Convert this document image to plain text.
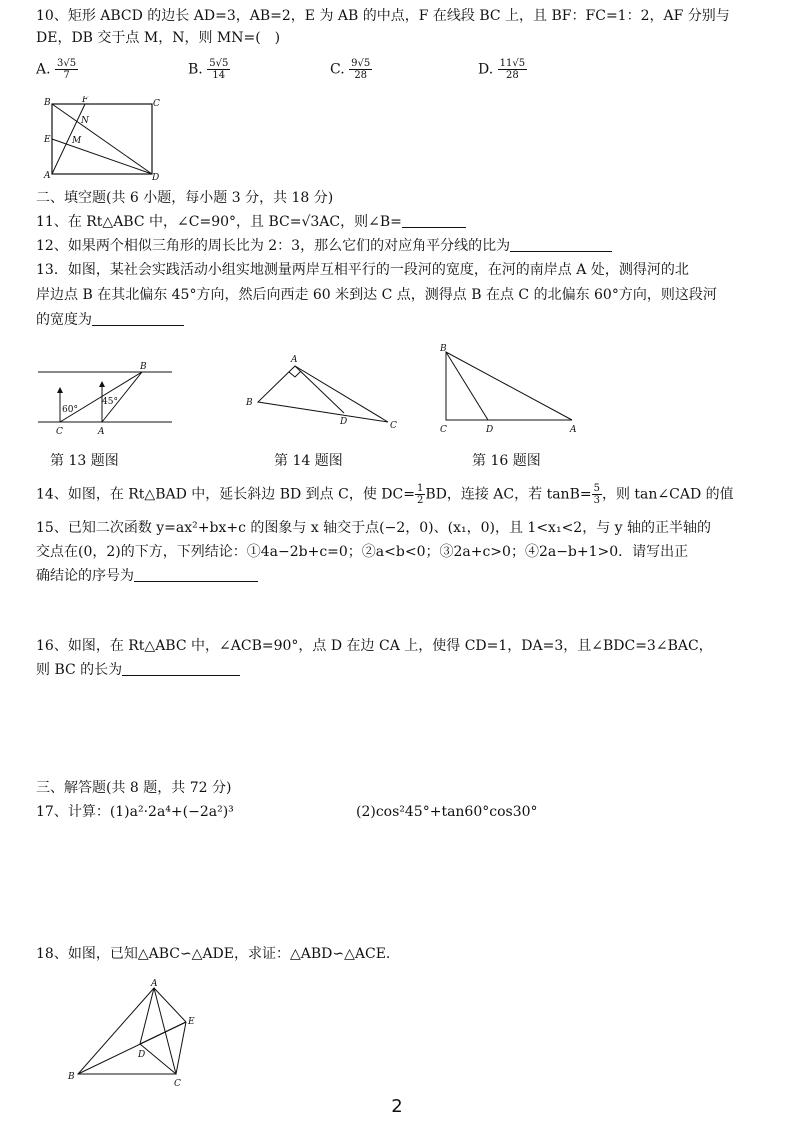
10、矩形 ABCD 的边长 AD=3，AB=2，E 为 AB 的中点，F 在线段 BC 上，且 BF：FC=1：2，AF 分别与
DE，DB 交于点 M，N，则 MN=(　)
A. $\frac{3√5}{7}$	B. $\frac{5√5}{14}$	C. $\frac{9√5}{28}$	D. $\frac{11√5}{28}$
B	F	C
N
E M
A	D
二、填空题(共 6 小题，每小题 3 分，共 18 分)
11、在 Rt△ABC 中，∠C=90°，且 BC=√3AC，则∠B=
12、如果两个相似三角形的周长比为 2：3，那么它们的对应角平分线的比为
13．如图，某社会实践活动小组实地测量两岸互相平行的一段河的宽度，在河的南岸点 A 处，测得河的北
岸边点 B 在其北偏东 45°方向，然后向西走 60 米到达 C 点，测得点 B 在点 C 的北偏东 60°方向，则这段河
的宽度为
60°
45°
B
C	A
A
B
D	C
B
C	D	A
第 13 题图	第 14 题图	第 16 题图
14、如图，在 Rt△BAD 中，延长斜边 BD 到点 C，使 $DC= \frac{1}{2}$ BD，连接 AC，若 $\tan B= \frac{5}{3}$ ，则 tan∠CAD 的值
15、已知二次函数 y=ax²+bx+c 的图象与 x 轴交于点(−2，0)、(x₁，0)，且 1<x₁<2，与 y 轴的正半轴的
交点在(0，2)的下方，下列结论：①4a−2b+c=0；②a<b<0；③2a+c>0；④2a−b+1>0．请写出正
确结论的序号为
16、如图，在 Rt△ABC 中，∠ACB=90°，点 D 在边 CA 上，使得 CD=1，DA=3，且∠BDC=3∠BAC，
则 BC 的长为
三、解答题(共 8 题，共 72 分)
17、计算：(1)a²·2a⁴+(−2a²)³	(2)cos²45°+tan60°cos30°
18、如图，已知△ABC∽△ADE，求证：△ABD∽△ACE.
A
E
D
B
C
2
